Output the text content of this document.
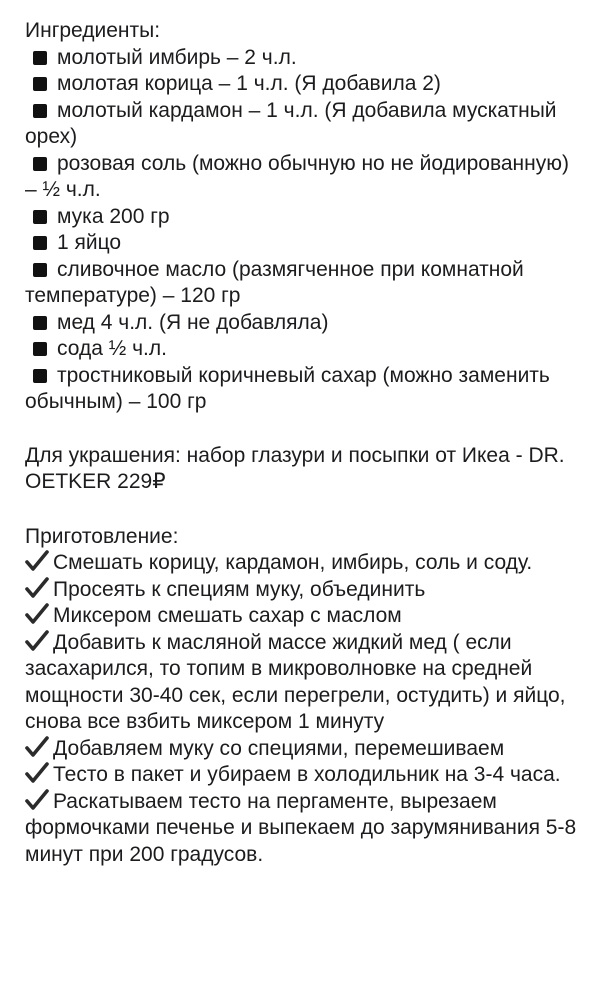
Ингредиенты:
молотый имбирь – 2 ч.л.
молотая корица – 1 ч.л. (Я добавила 2)
молотый кардамон – 1 ч.л. (Я добавила мускатный орех)
розовая соль (можно обычную но не йодированную) – ½ ч.л.
мука 200 гр
1 яйцо
сливочное масло (размягченное при комнатной температуре) – 120 гр
мед 4 ч.л. (Я не добавляла)
сода ½ ч.л.
тростниковый коричневый сахар (можно заменить обычным) – 100 гр
Для украшения: набор глазури и посыпки от Икеа - DR. OETKER 229₽
Приготовление:
Смешать корицу, кардамон, имбирь, соль и соду.
Просеять к специям муку, объединить
Миксером смешать сахар с маслом
Добавить к масляной массе жидкий мед ( если засахарился, то топим в микроволновке на средней мощности 30-40 сек, если перегрели, остудить) и яйцо, снова все взбить миксером 1 минуту
Добавляем муку со специями, перемешиваем
Тесто в пакет и убираем в холодильник на 3-4 часа.
Раскатываем тесто на пергаменте, вырезаем формочками печенье и выпекаем до зарумянивания 5-8 минут при 200 градусов.
